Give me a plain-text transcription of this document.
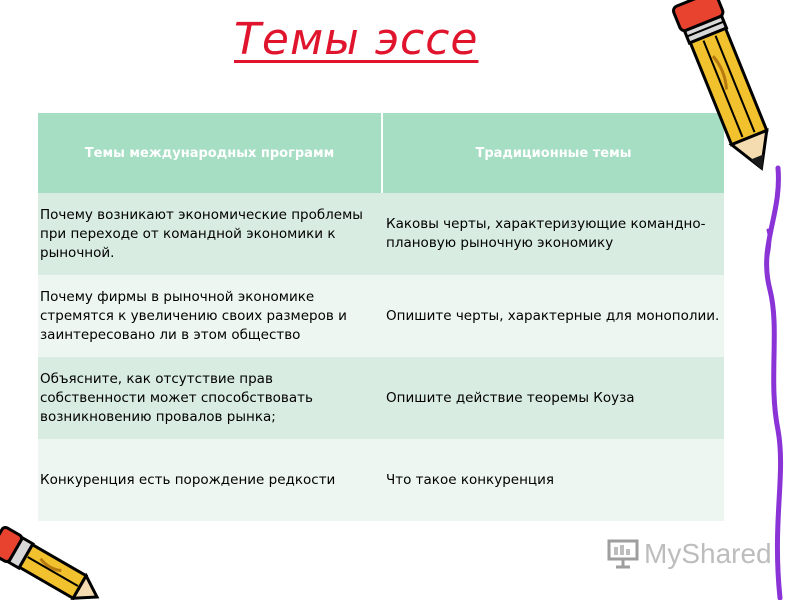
Темы эссе
Темы международных программ	Традиционные темы
Почему возникают экономические проблемы при переходе от командной экономики к рыночной.	Каковы черты, характеризующие командно-плановую рыночную экономику
Почему фирмы в рыночной экономике стремятся к увеличению своих размеров и заинтересовано ли в этом общество	Опишите черты, характерные для монополии.
Объясните, как отсутствие прав собственности может способствовать возникновению провалов рынка;	Опишите действие теоремы Коуза
Конкуренция есть порождение редкости	Что такое конкуренция
MyShared
